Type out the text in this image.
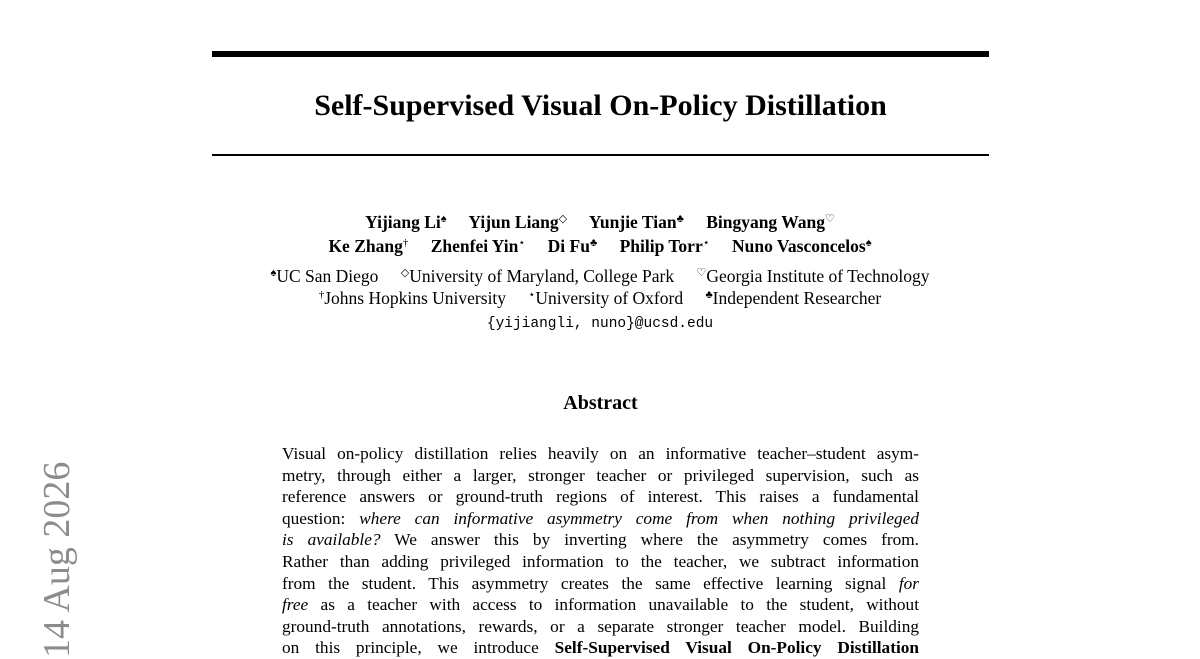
Self-Supervised Visual On-Policy Distillation
Yijiang Li♠ Yijun Liang◇ Yunjie Tian♣ Bingyang Wang♡
Ke Zhang† Zhenfei Yin⋆ Di Fu♣ Philip Torr⋆ Nuno Vasconcelos♠
♠UC San Diego ◇University of Maryland, College Park ♡Georgia Institute of Technology
†Johns Hopkins University ⋆University of Oxford ♣Independent Researcher
{yijiangli, nuno}@ucsd.edu
Abstract
Visual on-policy distillation relies heavily on an informative teacher–student asym-
metry, through either a larger, stronger teacher or privileged supervision, such as
reference answers or ground-truth regions of interest. This raises a fundamental
question: where can informative asymmetry come from when nothing privileged
is available? We answer this by inverting where the asymmetry comes from.
Rather than adding privileged information to the teacher, we subtract information
from the student. This asymmetry creates the same effective learning signal for
free as a teacher with access to information unavailable to the student, without
ground-truth annotations, rewards, or a separate stronger teacher model. Building
on this principle, we introduce Self-Supervised Visual On-Policy Distillation
14 Aug 2026
